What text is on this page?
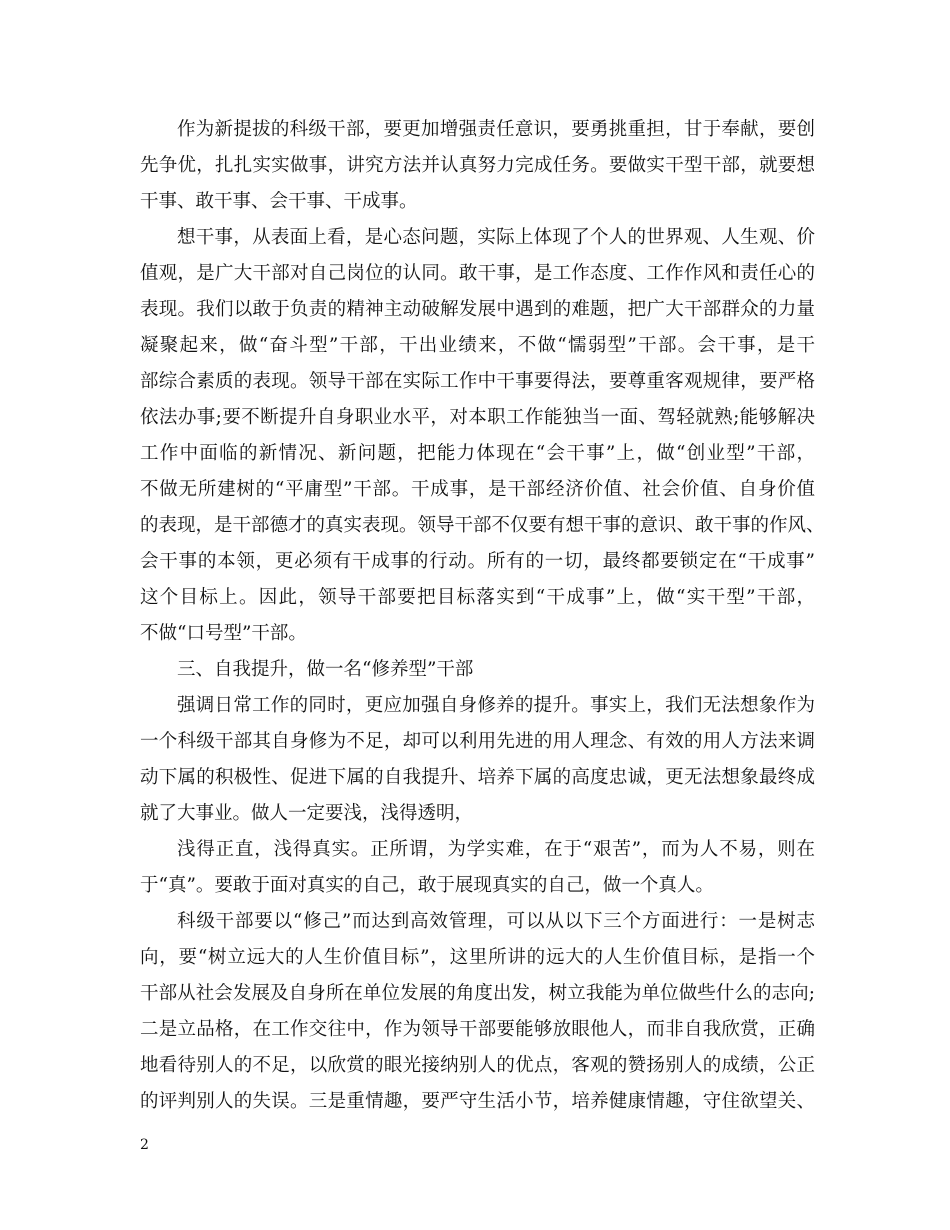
作为新提拔的科级干部，要更加增强责任意识，要勇挑重担，甘于奉献，要创
先争优，扎扎实实做事，讲究方法并认真努力完成任务。要做实干型干部，就要想
干事、敢干事、会干事、干成事。
想干事，从表面上看，是心态问题，实际上体现了个人的世界观、人生观、价
值观，是广大干部对自己岗位的认同。敢干事，是工作态度、工作作风和责任心的
表现。我们以敢于负责的精神主动破解发展中遇到的难题，把广大干部群众的力量
凝聚起来，做“奋斗型”干部，干出业绩来，不做“懦弱型”干部。会干事，是干
部综合素质的表现。领导干部在实际工作中干事要得法，要尊重客观规律，要严格
依法办事;要不断提升自身职业水平，对本职工作能独当一面、驾轻就熟;能够解决
工作中面临的新情况、新问题，把能力体现在“会干事”上，做“创业型”干部，
不做无所建树的“平庸型”干部。干成事，是干部经济价值、社会价值、自身价值
的表现，是干部德才的真实表现。领导干部不仅要有想干事的意识、敢干事的作风、
会干事的本领，更必须有干成事的行动。所有的一切，最终都要锁定在“干成事”
这个目标上。因此，领导干部要把目标落实到“干成事”上，做“实干型”干部，
不做“口号型”干部。
三、自我提升，做一名“修养型”干部
强调日常工作的同时，更应加强自身修养的提升。事实上，我们无法想象作为
一个科级干部其自身修为不足，却可以利用先进的用人理念、有效的用人方法来调
动下属的积极性、促进下属的自我提升、培养下属的高度忠诚，更无法想象最终成
就了大事业。做人一定要浅，浅得透明，
浅得正直，浅得真实。正所谓，为学实难，在于“艰苦”，而为人不易，则在
于“真”。要敢于面对真实的自己，敢于展现真实的自己，做一个真人。
科级干部要以“修己”而达到高效管理，可以从以下三个方面进行：一是树志
向，要“树立远大的人生价值目标”，这里所讲的远大的人生价值目标，是指一个
干部从社会发展及自身所在单位发展的角度出发，树立我能为单位做些什么的志向;
二是立品格，在工作交往中，作为领导干部要能够放眼他人，而非自我欣赏，正确
地看待别人的不足，以欣赏的眼光接纳别人的优点，客观的赞扬别人的成绩，公正
的评判别人的失误。三是重情趣，要严守生活小节，培养健康情趣，守住欲望关、
2
